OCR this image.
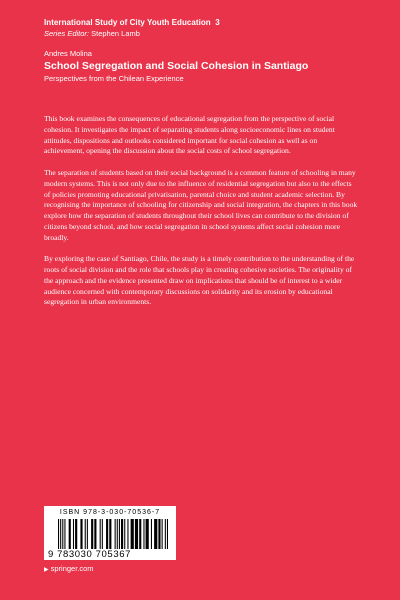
International Study of City Youth Education 3
Series Editor: Stephen Lamb
Andres Molina
School Segregation and Social Cohesion in Santiago
Perspectives from the Chilean Experience

This book examines the consequences of educational segregation from the perspective of social cohesion. It investigates the impact of separating students along socioeconomic lines on student attitudes, dispositions and outlooks considered important for social cohesion as well as on achievement, opening the discussion about the social costs of school segregation.

The separation of students based on their social background is a common feature of schooling in many modern systems. This is not only due to the influence of residential segregation but also to the effects of policies promoting educational privatisation, parental choice and student academic selection. By recognising the importance of schooling for citizenship and social integration, the chapters in this book explore how the separation of students throughout their school lives can contribute to the division of citizens beyond school, and how social segregation in school systems affect social cohesion more broadly.

By exploring the case of Santiago, Chile, the study is a timely contribution to the understanding of the roots of social division and the role that schools play in creating cohesive societies. The originality of the approach and the evidence presented draw on implications that should be of interest to a wider audience concerned with contemporary discussions on solidarity and its erosion by educational segregation in urban environments.

ISBN 978-3-030-70536-7
9 783030 705367
▶ springer.com
